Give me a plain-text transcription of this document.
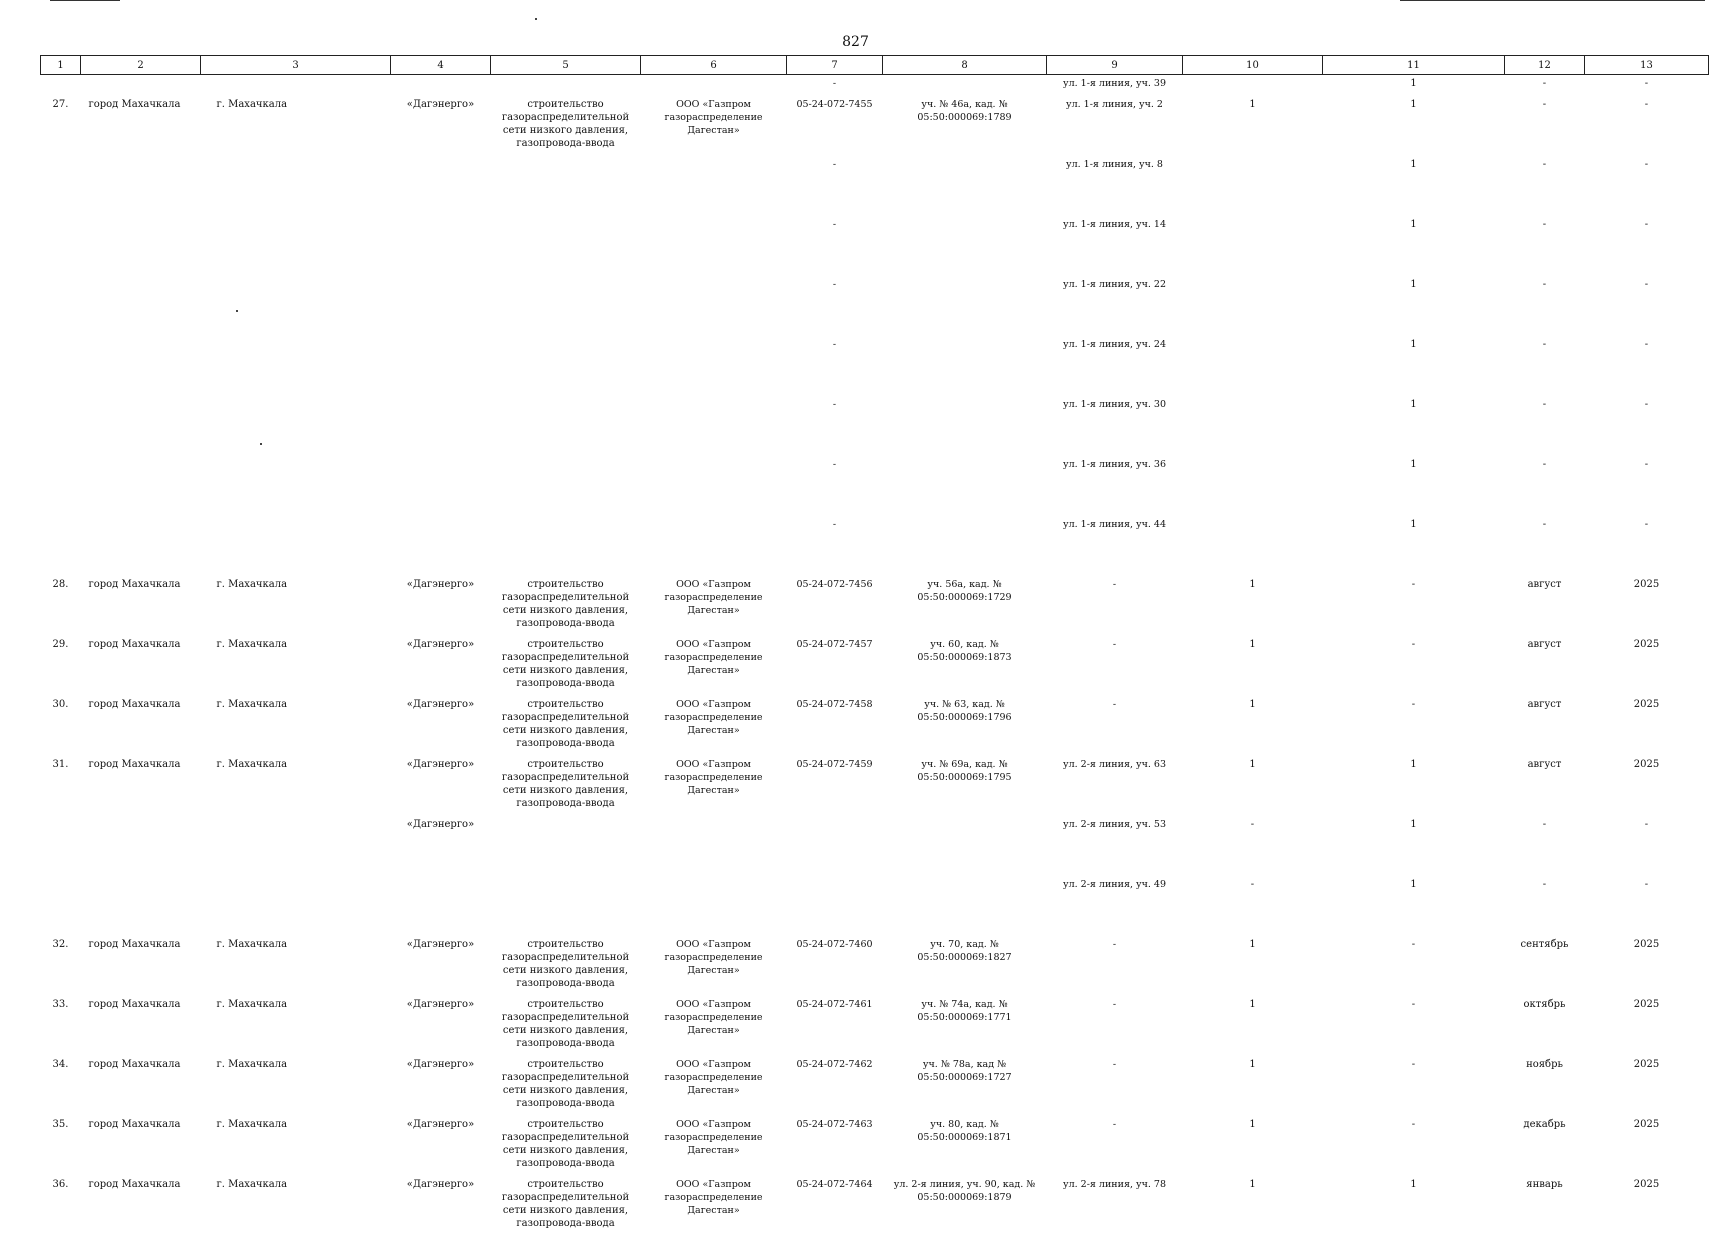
827
1	2	3	4	5	6	7	8	9	10	11	12	13
						-		ул. 1-я линия, уч. 39		1	-	-
27.	город Махачкала	г. Махачкала	«Дагэнерго»	строительство газораспределительной сети низкого давления, газопровода-ввода	ООО «Газпром газораспределение Дагестан»	05-24-072-7455	уч. № 46а, кад. № 05:50:000069:1789	ул. 1-я линия, уч. 2	1	1	-	-
						-		ул. 1-я линия, уч. 8		1	-	-
						-		ул. 1-я линия, уч. 14		1	-	-
						-		ул. 1-я линия, уч. 22		1	-	-
						-		ул. 1-я линия, уч. 24		1	-	-
						-		ул. 1-я линия, уч. 30		1	-	-
						-		ул. 1-я линия, уч. 36		1	-	-
						-		ул. 1-я линия, уч. 44		1	-	-
28.	город Махачкала	г. Махачкала	«Дагэнерго»	строительство газораспределительной сети низкого давления, газопровода-ввода	ООО «Газпром газораспределение Дагестан»	05-24-072-7456	уч. 56а, кад. № 05:50:000069:1729	-	1	-	август	2025
29.	город Махачкала	г. Махачкала	«Дагэнерго»	строительство газораспределительной сети низкого давления, газопровода-ввода	ООО «Газпром газораспределение Дагестан»	05-24-072-7457	уч. 60, кад. № 05:50:000069:1873	-	1	-	август	2025
30.	город Махачкала	г. Махачкала	«Дагэнерго»	строительство газораспределительной сети низкого давления, газопровода-ввода	ООО «Газпром газораспределение Дагестан»	05-24-072-7458	уч. № 63, кад. № 05:50:000069:1796	-	1	-	август	2025
31.	город Махачкала	г. Махачкала	«Дагэнерго»	строительство газораспределительной сети низкого давления, газопровода-ввода	ООО «Газпром газораспределение Дагестан»	05-24-072-7459	уч. № 69а, кад. № 05:50:000069:1795	ул. 2-я линия, уч. 63	1	1	август	2025
			«Дагэнерго»					ул. 2-я линия, уч. 53	-	1	-	-
								ул. 2-я линия, уч. 49	-	1	-	-
32.	город Махачкала	г. Махачкала	«Дагэнерго»	строительство газораспределительной сети низкого давления, газопровода-ввода	ООО «Газпром газораспределение Дагестан»	05-24-072-7460	уч. 70, кад. № 05:50:000069:1827	-	1	-	сентябрь	2025
33.	город Махачкала	г. Махачкала	«Дагэнерго»	строительство газораспределительной сети низкого давления, газопровода-ввода	ООО «Газпром газораспределение Дагестан»	05-24-072-7461	уч. № 74а, кад. № 05:50:000069:1771	-	1	-	октябрь	2025
34.	город Махачкала	г. Махачкала	«Дагэнерго»	строительство газораспределительной сети низкого давления, газопровода-ввода	ООО «Газпром газораспределение Дагестан»	05-24-072-7462	уч. № 78а, кад № 05:50:000069:1727	-	1	-	ноябрь	2025
35.	город Махачкала	г. Махачкала	«Дагэнерго»	строительство газораспределительной сети низкого давления, газопровода-ввода	ООО «Газпром газораспределение Дагестан»	05-24-072-7463	уч. 80, кад. № 05:50:000069:1871	-	1	-	декабрь	2025
36.	город Махачкала	г. Махачкала	«Дагэнерго»	строительство газораспределительной сети низкого давления, газопровода-ввода	ООО «Газпром газораспределение Дагестан»	05-24-072-7464	ул. 2-я линия, уч. 90, кад. № 05:50:000069:1879	ул. 2-я линия, уч. 78	1	1	январь	2025
